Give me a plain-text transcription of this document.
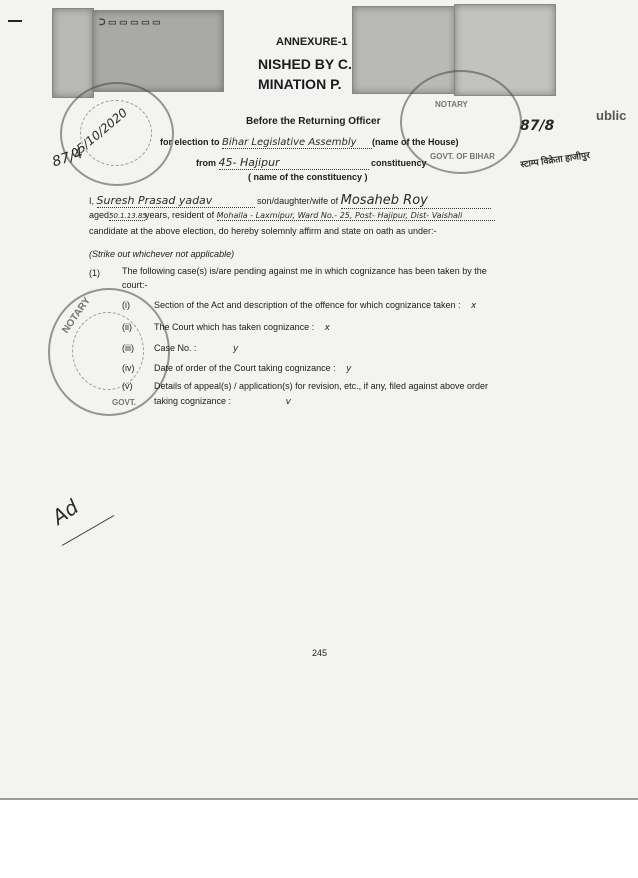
ᑐ ▭ ▭ ▭ ▭ ▭
GOVT. OF BIHAR
NOTARY
NOTARY
GOVT.
ANNEXURE-1
NISHED BY C.
MINATION P.
ublic
87/4
05/10/2020	87/8
स्टाम्प विक्रेता हाजीपुर
Before the Returning Officer
for election to Bihar Legislative Assembly (name of the House)
from 45- Hajipur	constituency
( name of the constituency )
I, Suresh Prasad yadav	son/daughter/wife of Mosaheb Roy
aged50.1.13.85years, resident of Mohalla - Laxmipur, Ward No.- 25, Post- Hajipur, Dist- Vaishali
candidate at the above election, do hereby solemnly affirm and state on oath as under:-
(Strike out whichever not applicable)
(1) The following case(s) is/are pending against me in which cognizance has been taken by the
court:-
(i)	Section of the Act and description of the offence for which cognizance taken : x
(ii) The Court which has taken cognizance : x
(iii) Case No. :	y
(iv) Date of order of the Court taking cognizance : y
(v) Details of appeal(s) / application(s) for revision, etc., if any, filed against above order
taking cognizance :	v
Ad
245
